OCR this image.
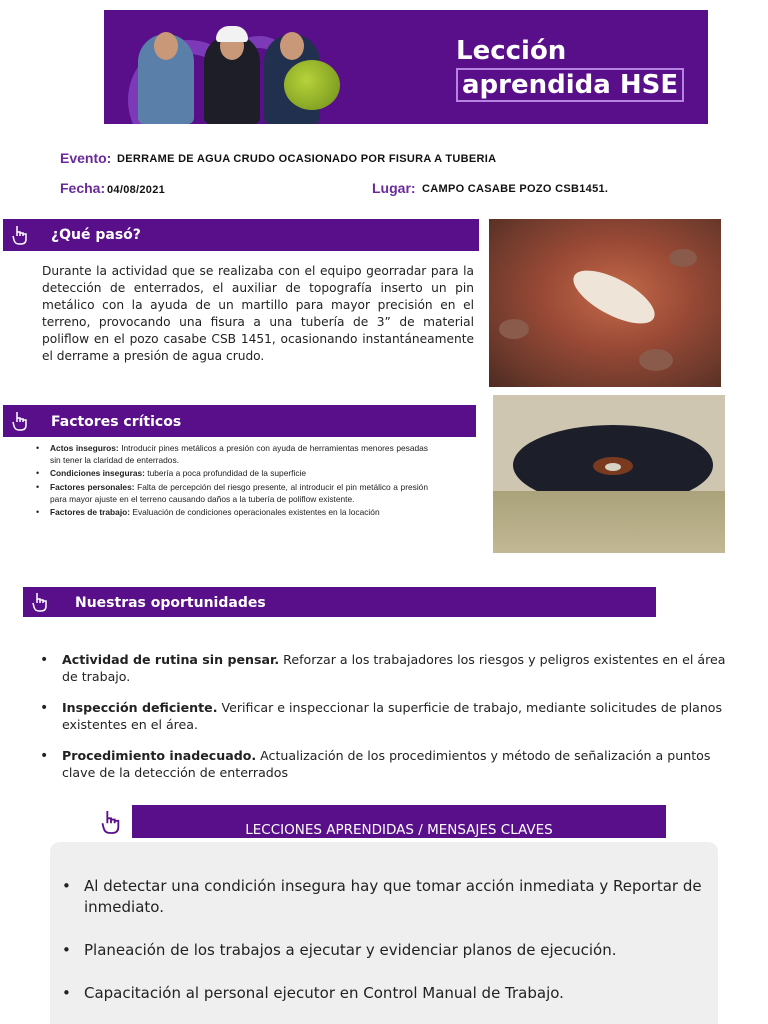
Lección
aprendida HSE
Evento: DERRAME DE AGUA CRUDO OCASIONADO POR FISURA A TUBERIA
Fecha: 04/08/2021	Lugar: CAMPO CASABE POZO CSB1451.
¿Qué pasó?
Durante la actividad que se realizaba con el equipo georradar para la detección de enterrados, el auxiliar de topografía inserto un pin metálico con la ayuda de un martillo para mayor precisión en el terreno, provocando una fisura a una tubería de 3” de material poliflow en el pozo casabe CSB 1451, ocasionando instantáneamente el derrame a presión de agua crudo.
Factores críticos
• Actos inseguros: Introducir pines metálicos a presión con ayuda de herramientas menores pesadas sin tener la claridad de enterrados.
• Condiciones inseguras: tubería a poca profundidad de la superficie
• Factores personales: Falta de percepción del riesgo presente, al introducir el pin metálico a presión para mayor ajuste en el terreno causando daños a la tubería de poliflow existente.
• Factores de trabajo: Evaluación de condiciones operacionales existentes en la locación
Nuestras oportunidades
• Actividad de rutina sin pensar. Reforzar a los trabajadores los riesgos y peligros existentes en el área de trabajo.
• Inspección deficiente. Verificar e inspeccionar la superficie de trabajo, mediante solicitudes de planos existentes en el área.
• Procedimiento inadecuado. Actualización de los procedimientos y método de señalización a puntos clave de la detección de enterrados
LECCIONES APRENDIDAS / MENSAJES CLAVES
• Al detectar una condición insegura hay que tomar acción inmediata y Reportar de inmediato.
• Planeación de los trabajos a ejecutar y evidenciar planos de ejecución.
• Capacitación al personal ejecutor en Control Manual de Trabajo.
